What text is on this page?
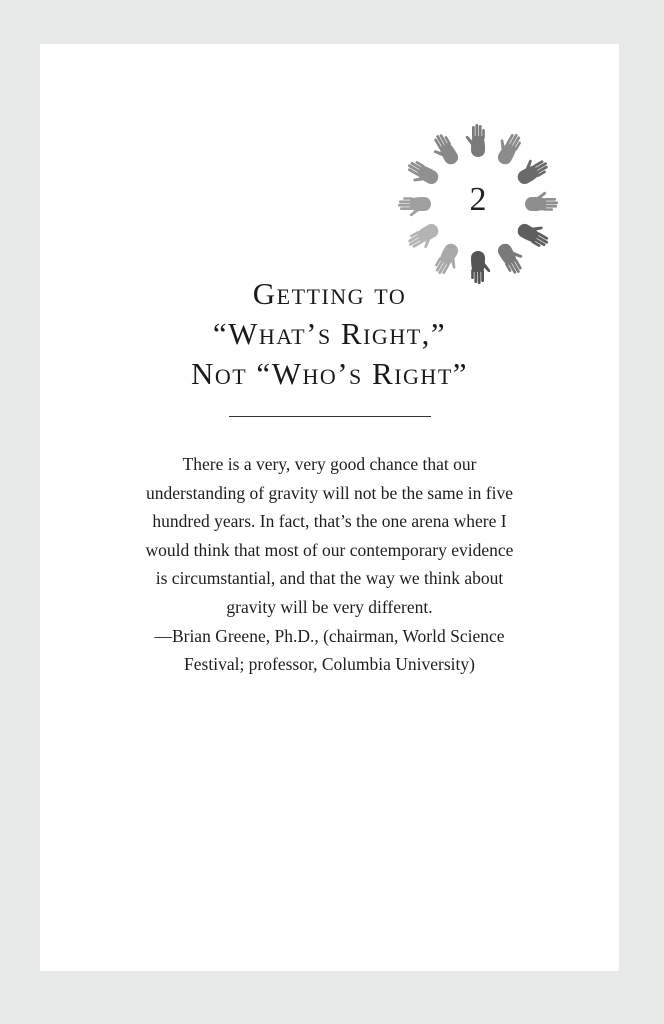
2
Getting to
“What’s Right,”
Not “Who’s Right”
There is a very, very good chance that our
understanding of gravity will not be the same in five
hundred years. In fact, that’s the one arena where I
would think that most of our contemporary evidence
is circumstantial, and that the way we think about
gravity will be very different.
—Brian Greene, Ph.D., (chairman, World Science
Festival; professor, Columbia University)
